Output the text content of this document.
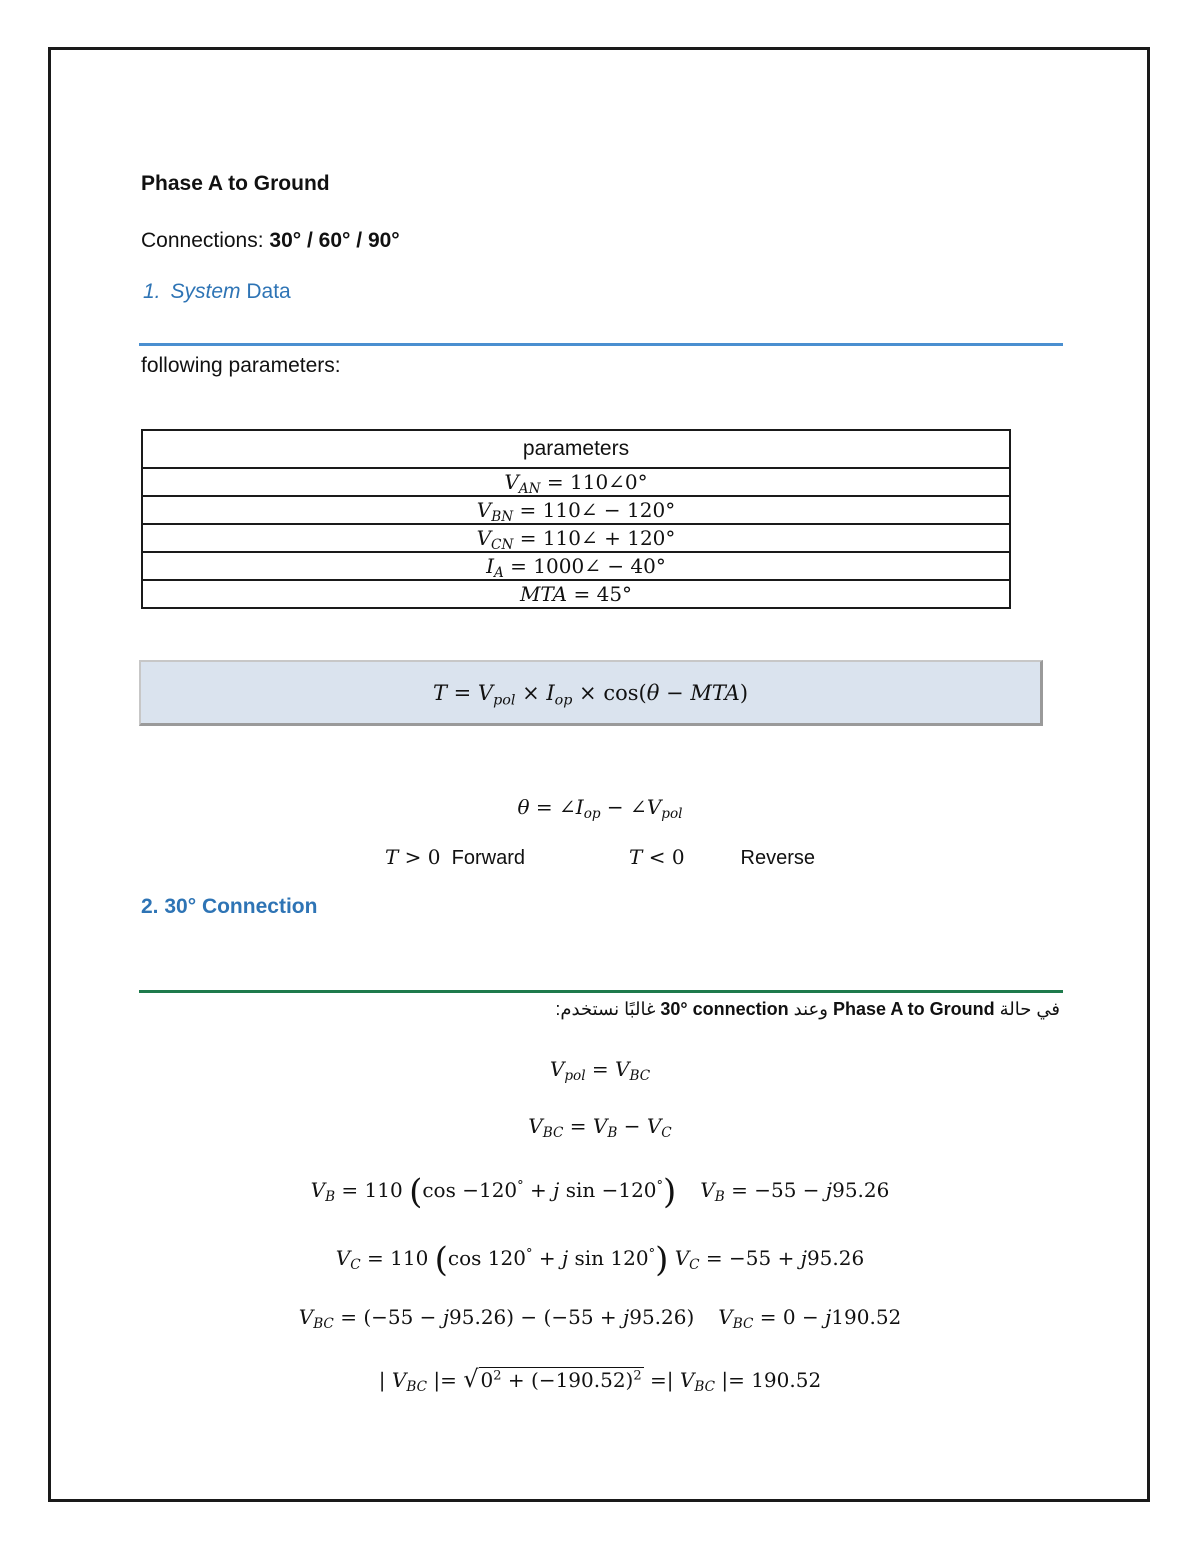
Phase A to Ground
Connections: 30° / 60° / 90°
1. System Data
following parameters:
parameters
$V_{AN}$ = 110∠0°
$V_{BN}$ = 110∠ − 120°
$V_{CN}$ = 110∠ + 120°
$I_A$ = 1000∠ − 40°
MTA = 45°
$T = V_{pol} \times I_{op} \times \cos(\theta - MTA)$
$\theta = \angle I_{op}$ − $\angle V_{pol}$
T > 0 Forward	T < 0	Reverse
2. 30° Connection
في حالة Phase A to Ground وعند 30° connection غالبًا نستخدم:
$V_{pol} = V_{BC}$
$V_{BC} = V_B - V_C$
$V_B = 110$ (cos −120° + j sin −120°) $V_B = -55 - j95.26$
$V_C = 110$ (cos 120° + j sin 120°) $V_C = -55 + j95.26$
$V_{BC} = (-55 - j95.26) - (-55 + j95.26) V_{BC} = 0 - j190.52$
| $V_{BC}$ |= √ $0^2 + (-190.52)^2$ =| $V_{BC}$ |= 190.52
